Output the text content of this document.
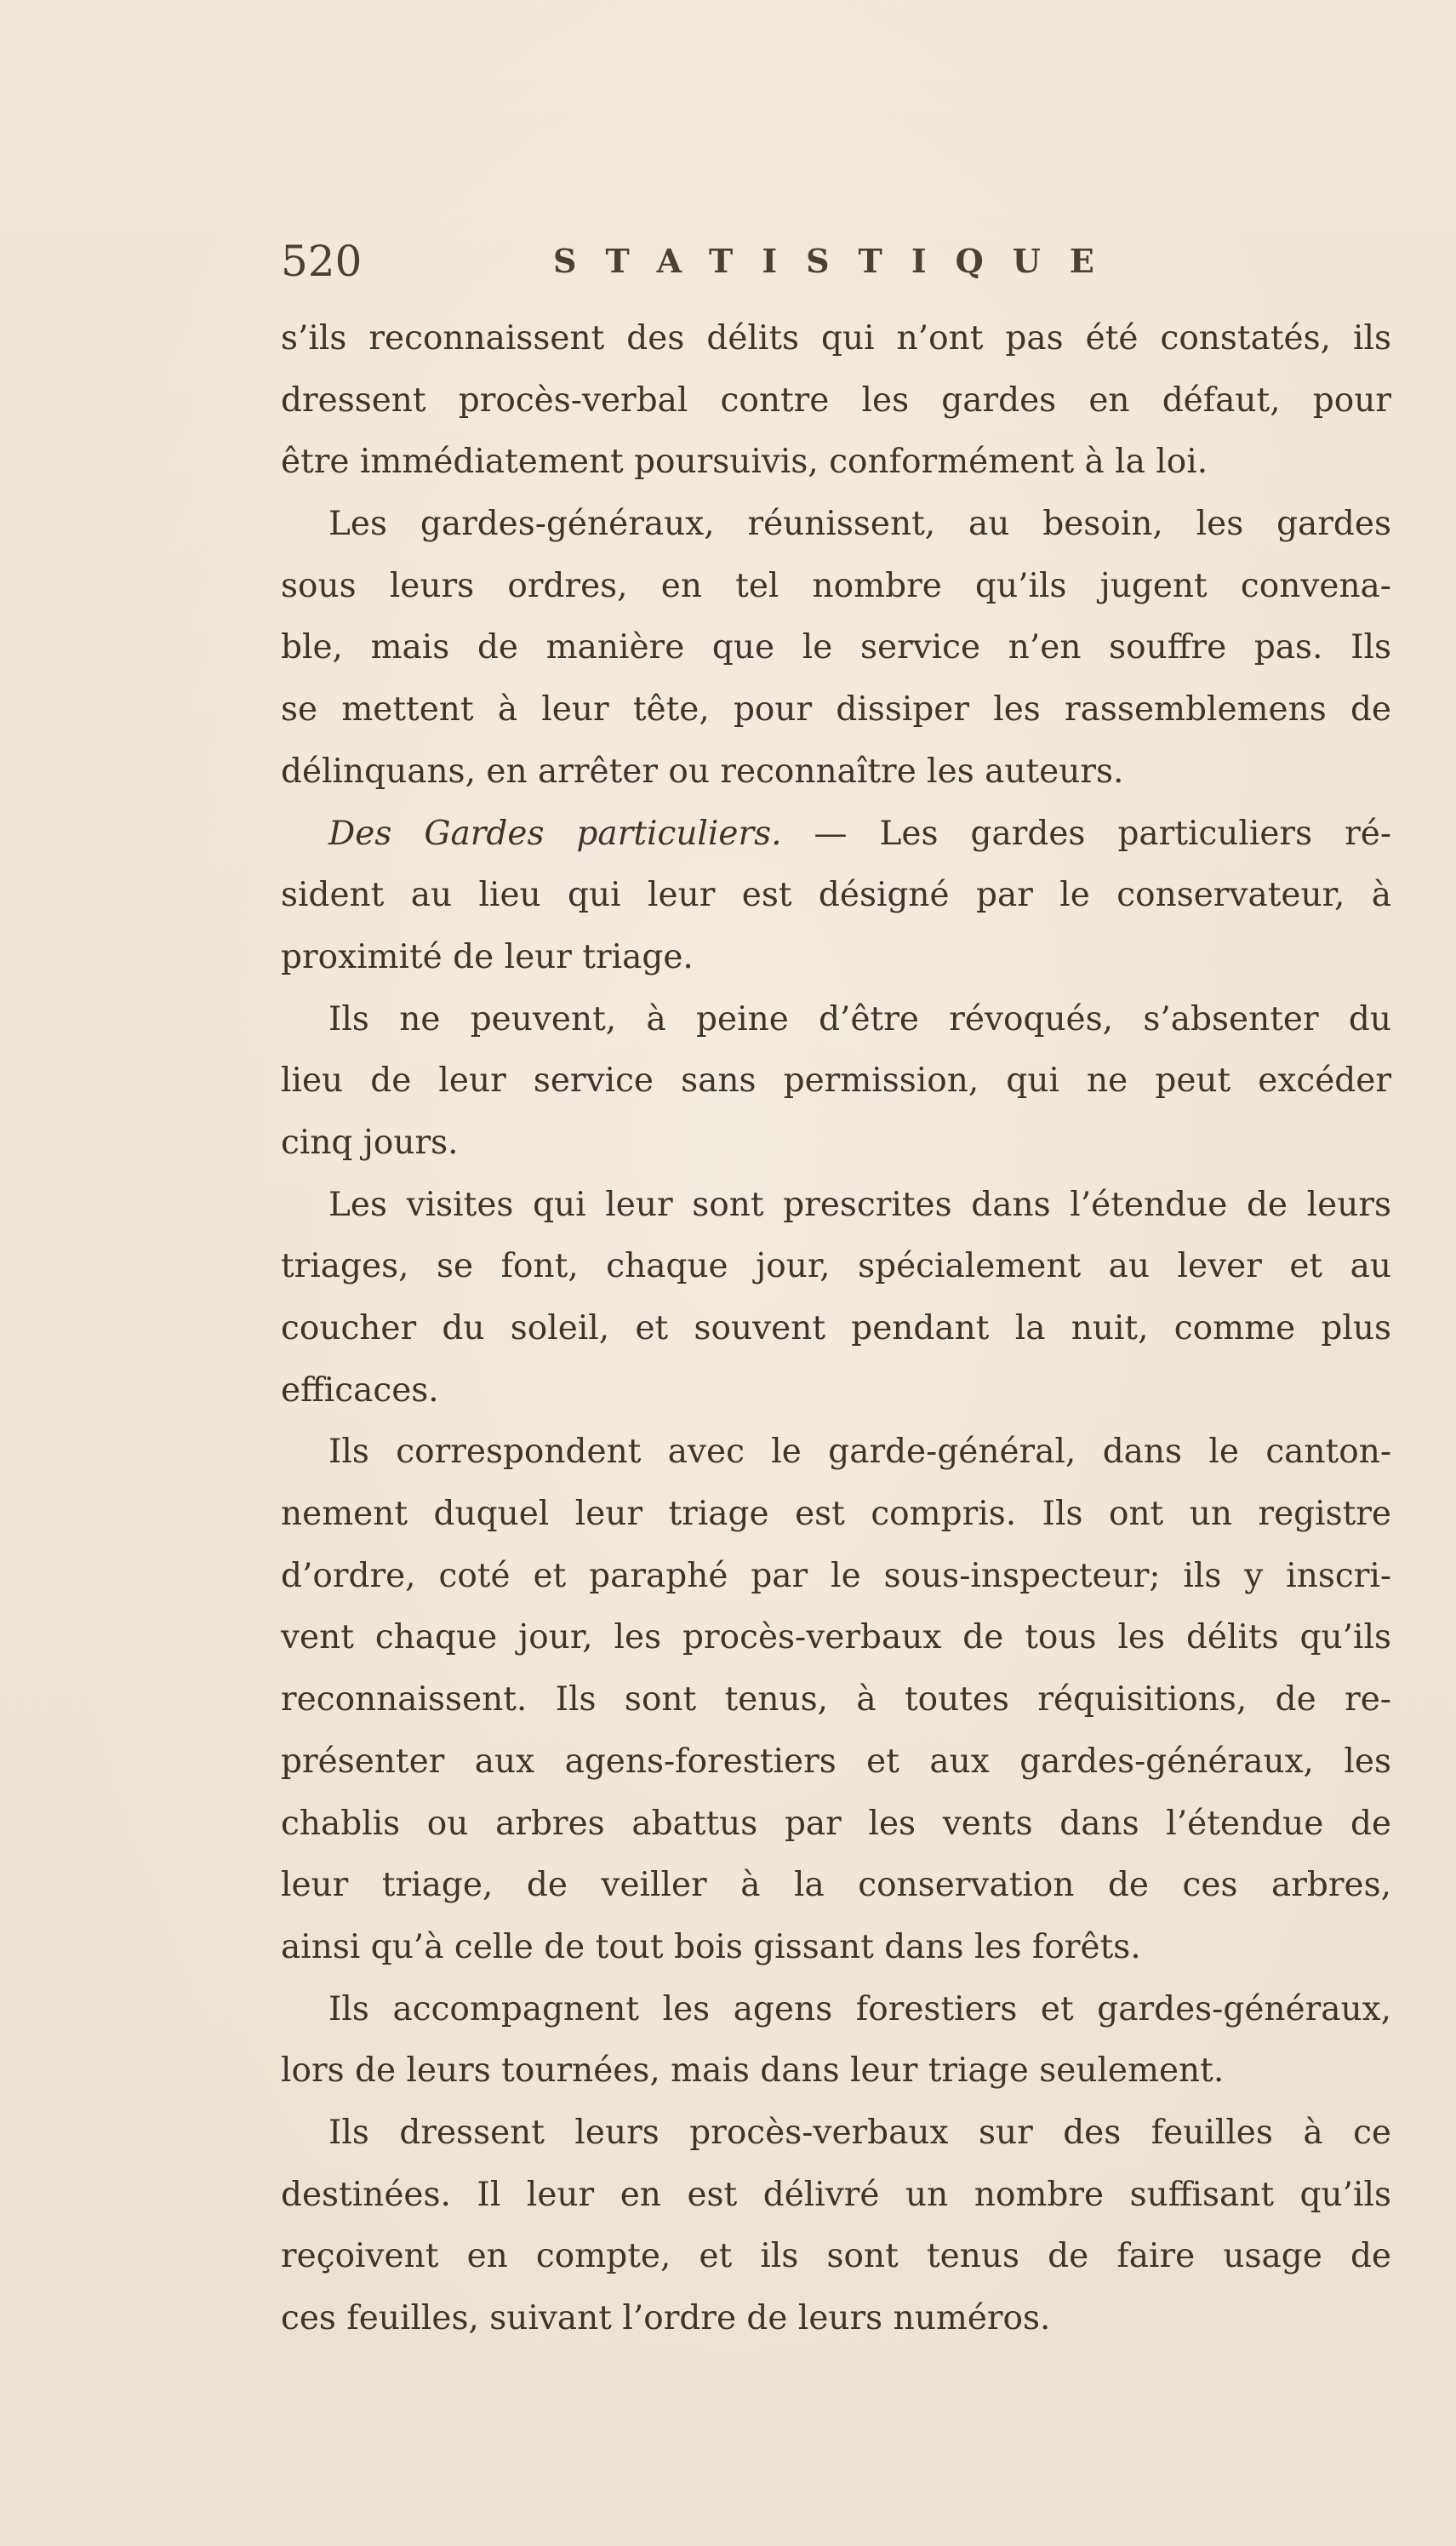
520	STATISTIQUE
s’ils reconnaissent des délits qui n’ont pas été constatés, ils
dressent procès-verbal contre les gardes en défaut, pour
être immédiatement poursuivis, conformément à la loi.
Les gardes-généraux, réunissent, au besoin, les gardes
sous leurs ordres, en tel nombre qu’ils jugent convena-
ble, mais de manière que le service n’en souffre pas. Ils
se mettent à leur tête, pour dissiper les rassemblemens de
délinquans, en arrêter ou reconnaître les auteurs.
Des Gardes particuliers. — Les gardes particuliers ré-
sident au lieu qui leur est désigné par le conservateur, à
proximité de leur triage.
Ils ne peuvent, à peine d’être révoqués, s’absenter du
lieu de leur service sans permission, qui ne peut excéder
cinq jours.
Les visites qui leur sont prescrites dans l’étendue de leurs
triages, se font, chaque jour, spécialement au lever et au
coucher du soleil, et souvent pendant la nuit, comme plus
efficaces.
Ils correspondent avec le garde-général, dans le canton-
nement duquel leur triage est compris. Ils ont un registre
d’ordre, coté et paraphé par le sous-inspecteur; ils y inscri-
vent chaque jour, les procès-verbaux de tous les délits qu’ils
reconnaissent. Ils sont tenus, à toutes réquisitions, de re-
présenter aux agens-forestiers et aux gardes-généraux, les
chablis ou arbres abattus par les vents dans l’étendue de
leur triage, de veiller à la conservation de ces arbres,
ainsi qu’à celle de tout bois gissant dans les forêts.
Ils accompagnent les agens forestiers et gardes-généraux,
lors de leurs tournées, mais dans leur triage seulement.
Ils dressent leurs procès-verbaux sur des feuilles à ce
destinées. Il leur en est délivré un nombre suffisant qu’ils
reçoivent en compte, et ils sont tenus de faire usage de
ces feuilles, suivant l’ordre de leurs numéros.
